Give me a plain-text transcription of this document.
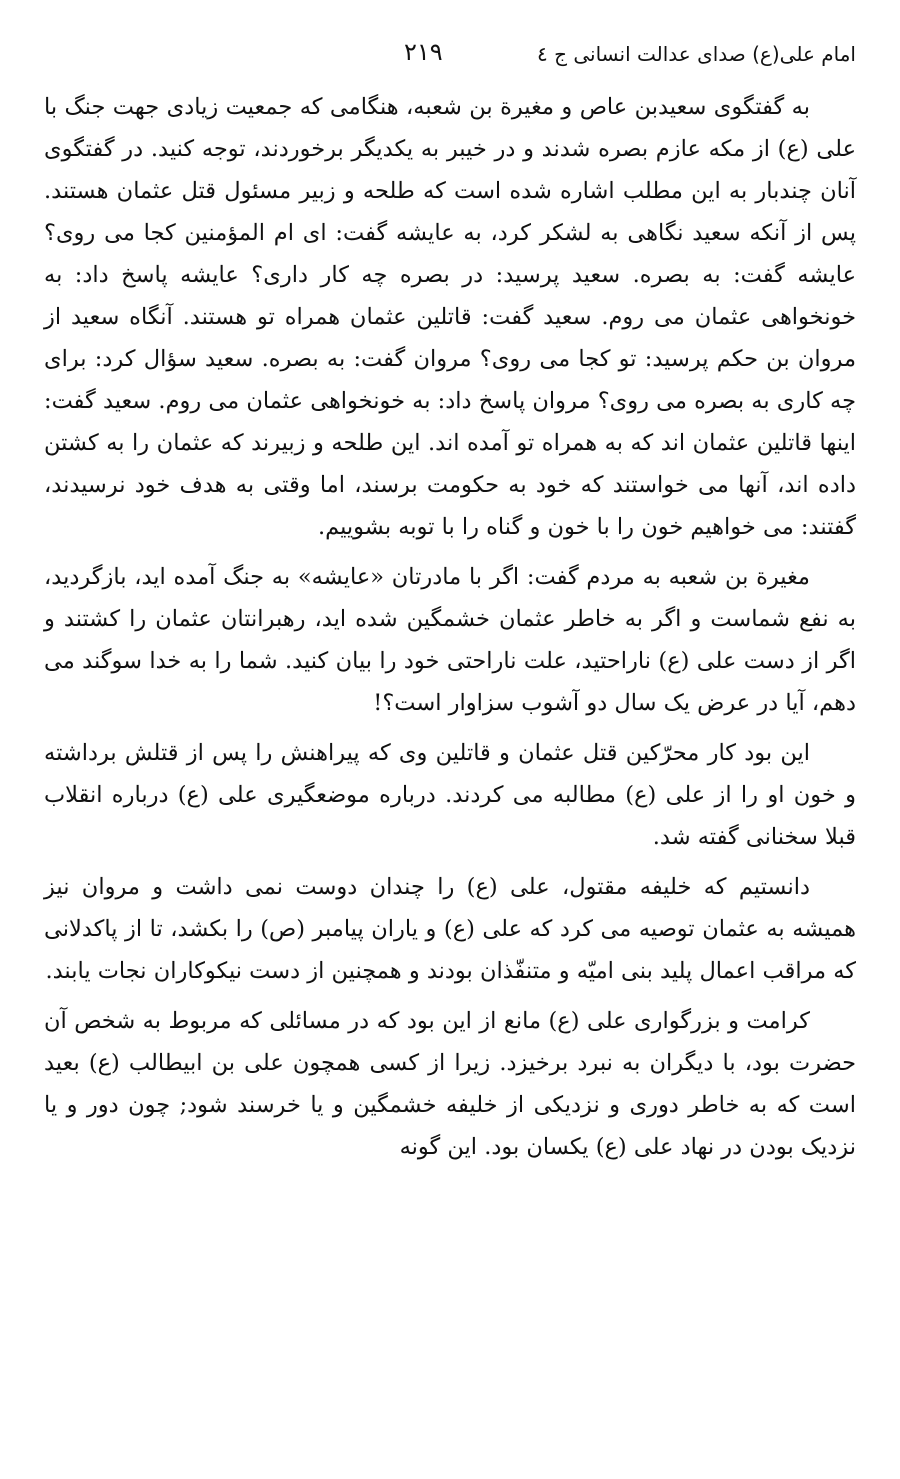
امام علی(ع) صدای عدالت انسانی ج ٤
٢١٩

به گفتگوی سعیدبن عاص و مغیرة بن شعبه، هنگامی که جمعیت زیادی جهت جنگ با علی (ع) از مکه عازم بصره شدند و در خیبر به یکدیگر برخوردند، توجه کنید. در گفتگوی آنان چندبار به این مطلب اشاره شده است که طلحه و زبیر مسئول قتل عثمان هستند. پس از آنکه سعید نگاهی به لشکر کرد، به عایشه گفت: ای ام المؤمنین کجا می روی؟ عایشه گفت: به بصره. سعید پرسید: در بصره چه کار داری؟ عایشه پاسخ داد: به خونخواهی عثمان می روم. سعید گفت: قاتلین عثمان همراه تو هستند. آنگاه سعید از مروان بن حکم پرسید: تو کجا می روی؟ مروان گفت: به بصره. سعید سؤال کرد: برای چه کاری به بصره می روی؟ مروان پاسخ داد: به خونخواهی عثمان می روم. سعید گفت: اینها قاتلین عثمان اند که به همراه تو آمده اند. این طلحه و زبیرند که عثمان را به کشتن داده اند، آنها می خواستند که خود به حکومت برسند، اما وقتی به هدف خود نرسیدند، گفتند: می خواهیم خون را با خون و گناه را با توبه بشوییم.

مغیرة بن شعبه به مردم گفت: اگر با مادرتان «عایشه» به جنگ آمده اید، بازگردید، به نفع شماست و اگر به خاطر عثمان خشمگین شده اید، رهبرانتان عثمان را کشتند و اگر از دست علی (ع) ناراحتید، علت ناراحتی خود را بیان کنید. شما را به خدا سوگند می دهم، آیا در عرض یک سال دو آشوب سزاوار است؟!

این بود کار محرّکین قتل عثمان و قاتلین وی که پیراهنش را پس از قتلش برداشته و خون او را از علی (ع) مطالبه می کردند. درباره موضعگیری علی (ع) درباره انقلاب قبلا سخنانی گفته شد.

دانستیم که خلیفه مقتول، علی (ع) را چندان دوست نمی داشت و مروان نیز همیشه به عثمان توصیه می کرد که علی (ع) و یاران پیامبر (ص) را بکشد، تا از پاکدلانی که مراقب اعمال پلید بنی امیّه و متنفّذان بودند و همچنین از دست نیکوکاران نجات یابند.

کرامت و بزرگواری علی (ع) مانع از این بود که در مسائلی که مربوط به شخص آن حضرت بود، با دیگران به نبرد برخیزد. زیرا از کسی همچون علی بن ابیطالب (ع) بعید است که به خاطر دوری و نزدیکی از خلیفه خشمگین و یا خرسند شود; چون دور و یا نزدیک بودن در نهاد علی (ع) یکسان بود. این گونه
